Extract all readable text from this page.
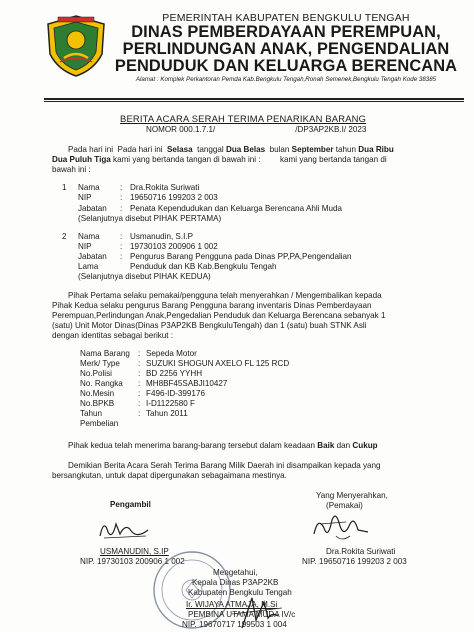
PEMERINTAH KABUPATEN BENGKULU TENGAH
DINAS PEMBERDAYAAN PEREMPUAN,
PERLINDUNGAN ANAK, PENGENDALIAN
PENDUDUK DAN KELUARGA BERENCANA
Alamat : Komplek Perkantoran Pemda Kab.Bengkulu Tengah,Ronah Semenek,Bengkulu Tengah Kode 38385
BERITA ACARA SERAH TERIMA PENARIKAN BARANG
NOMOR 000.1.7.1/	/DP3AP2KB.I/ 2023
Pada hari ini Pada hari ini Selasa tanggal Dua Belas bulan September tahun Dua Ribu
Dua Puluh Tiga kami yang bertanda tangan di bawah ini : kami yang bertanda tangan di
bawah ini :
1 Nama	: Dra.Rokita Suriwati
NIP	: 19650716 199203 2 003
Jabatan : Penata Kependudukan dan Keluarga Berencana Ahli Muda
(Selanjutnya disebut PIHAK PERTAMA)
2 Nama	: Usmanudin, S.I.P
NIP	: 19730103 200906 1 002
Jabatan : Pengurus Barang Pengguna pada Dinas PP,PA,Pengendalian
Lama	Penduduk dan KB Kab.Bengkulu Tengah
(Selanjutnya disebut PIHAK KEDUA)
Pihak Pertama selaku pemakai/pengguna telah menyerahkan / Mengembalikan kepada
Pihak Kedua selaku pengurus Barang Pengguna barang inventaris Dinas Pemberdayaan
Perempuan,Perlindungan Anak,Pengedalian Penduduk dan Keluarga Berencana sebanyak 1
(satu) Unit Motor Dinas(Dinas P3AP2KB BengkuluTengah) dan 1 (satu) buah STNK Asli
dengan identitas sebagai berikut :
Nama Barang : Sepeda Motor
Merk/ Type : SUZUKI SHOGUN AXELO FL 125 RCD
No.Polisi	: BD 2256 YYHH
No. Rangka : MH8BF45SABJI10427
No.Mesin	: F496-ID-399176
No.BPKB	: I-D1122580 F
Tahun	: Tahun 2011
Pembelian
Pihak kedua telah menerima barang-barang tersebut dalam keadaan Baik dan Cukup
Demikian Berita Acara Serah Terima Barang Milik Daerah ini disampaikan kepada yang
bersangkutan, untuk dapat dipergunakan sebagaimana mestinya.
Yang Menyerahkan,
(Pemakai)
Dra.Rokita Suriwati
NIP. 19650716 199203 2 003
Pengambil
USMANUDIN, S.IP
NIP. 19730103 200906 1 002
Mengetahui,
Kepala Dinas P3AP2KB
Kabupaten Bengkulu Tengah
Ir. WIJAYA ATMAJA, M.Si
PEMBINA UTAMA MUDA IV/c
NIP. 19670717 199503 1 004
